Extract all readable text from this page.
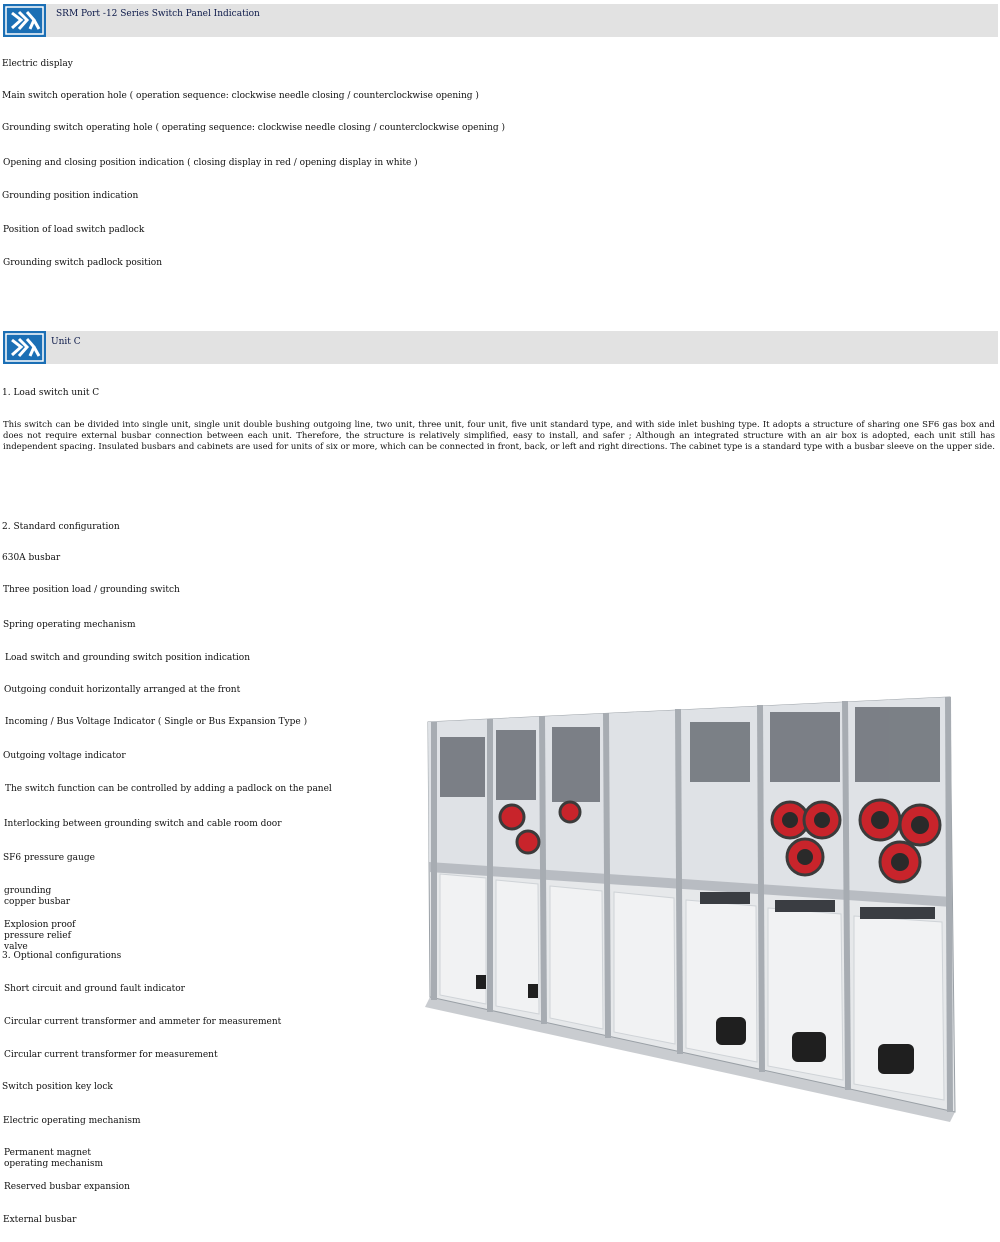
SRM Port -12 Series Switch Panel Indication
Electric display
Main switch operation hole ( operation sequence: clockwise needle closing / counterclockwise opening )
Grounding switch operating hole ( operating sequence: clockwise needle closing / counterclockwise opening )
Opening and closing position indication ( closing display in red / opening display in white )
Grounding position indication
Position of load switch padlock
Grounding switch padlock position
Unit C
1. Load switch unit C
This switch can be divided into single unit, single unit double bushing outgoing line, two unit, three unit, four unit, five unit standard type, and with side inlet bushing type. It adopts a structure of sharing one SF6 gas box and does not require external busbar connection between each unit. Therefore, the structure is relatively simplified, easy to install, and safer ; Although an integrated structure with an air box is adopted, each unit still has independent spacing. Insulated busbars and cabinets are used for units of six or more, which can be connected in front, back, or left and right directions. The cabinet type is a standard type with a busbar sleeve on the upper side.
2. Standard configuration
630A busbar
Three position load / grounding switch
Spring operating mechanism
Load switch and grounding switch position indication
Outgoing conduit horizontally arranged at the front
Incoming / Bus Voltage Indicator ( Single or Bus Expansion Type )
Outgoing voltage indicator
The switch function can be controlled by adding a padlock on the panel
Interlocking between grounding switch and cable room door
SF6 pressure gauge
grounding copper busbar
Explosion proof pressure relief valve
3. Optional configurations
Short circuit and ground fault indicator
Circular current transformer and ammeter for measurement
Circular current transformer for measurement
Switch position key lock
Electric operating mechanism
Permanent magnet operating mechanism
Reserved busbar expansion
External busbar
